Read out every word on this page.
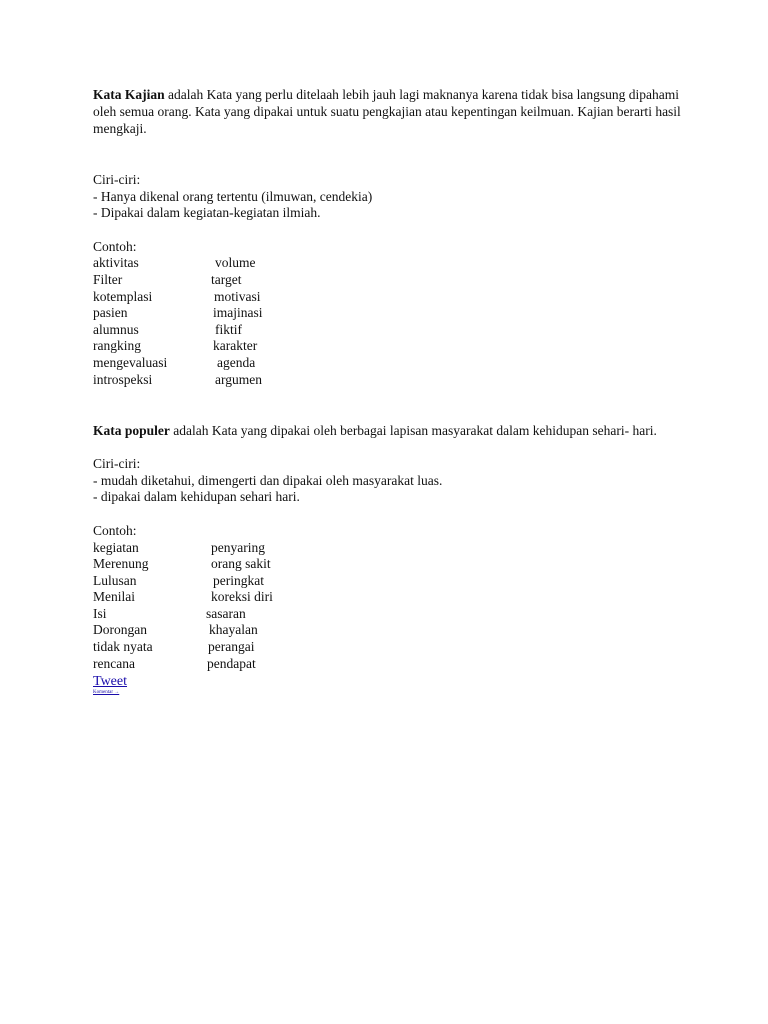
Kata Kajian adalah Kata yang perlu ditelaah lebih jauh lagi maknanya karena tidak bisa langsung dipahami oleh semua orang. Kata yang dipakai untuk suatu pengkajian atau kepentingan keilmuan. Kajian berarti hasil mengkaji.

Ciri-ciri:
- Hanya dikenal orang tertentu (ilmuwan, cendekia)
- Dipakai dalam kegiatan-kegiatan ilmiah.
Contoh:
aktivitas	volume
Filter	target
kotemplasi	motivasi
pasien	imajinasi
alumnus	fiktif
rangking	karakter
mengevaluasi	agenda
introspeksi	argumen

Kata populer adalah Kata yang dipakai oleh berbagai lapisan masyarakat dalam kehidupan sehari- hari.

Ciri-ciri:
- mudah diketahui, dimengerti dan dipakai oleh masyarakat luas.
- dipakai dalam kehidupan sehari hari.
Contoh:
kegiatan	penyaring
Merenung	orang sakit
Lulusan	peringkat
Menilai	koreksi diri
Isi	sasaran
Dorongan	khayalan
tidak nyata	perangai
rencana	pendapat
Tweet
Komentar →
